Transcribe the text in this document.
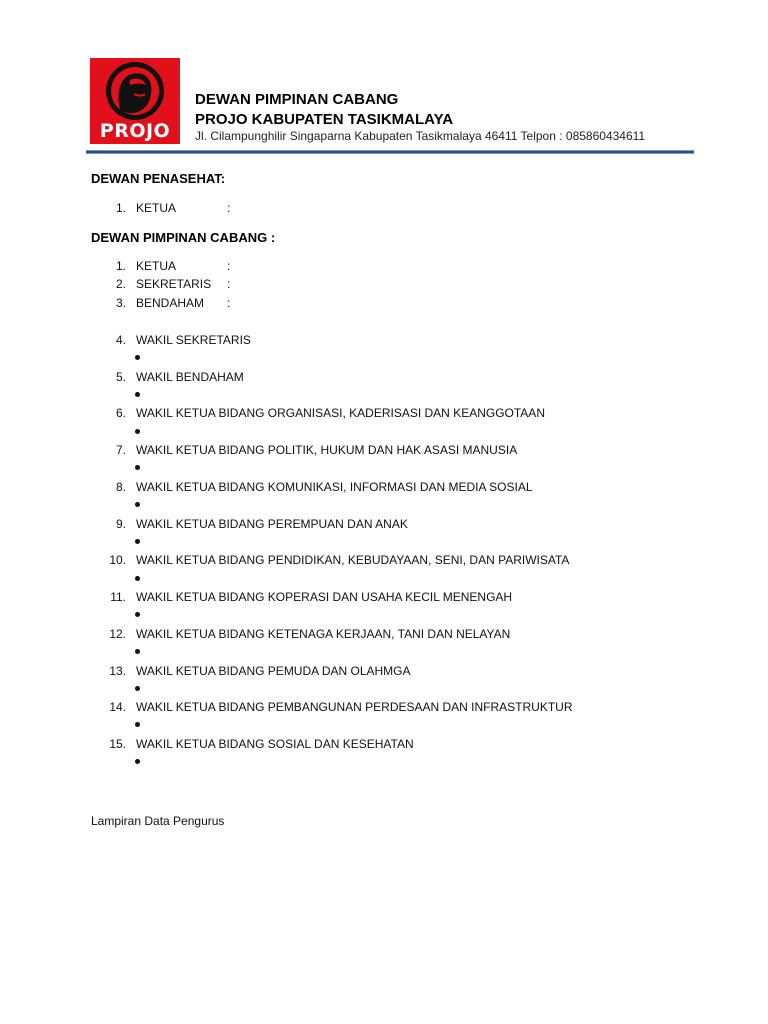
PROJO
DEWAN PIMPINAN CABANG
PROJO KABUPATEN TASIKMALAYA
Jl. Cilampunghilir Singaparna Kabupaten Tasikmalaya 46411 Telpon : 085860434611
DEWAN PENASEHAT:
1. KETUA	:
DEWAN PIMPINAN CABANG :
1. KETUA	:
2. SEKRETARIS :
3. BENDAHAM :
4. WAKIL SEKRETARIS
5. WAKIL BENDAHAM
6. WAKIL KETUA BIDANG ORGANISASI, KADERISASI DAN KEANGGOTAAN
7. WAKIL KETUA BIDANG POLITIK, HUKUM DAN HAK ASASI MANUSIA
8. WAKIL KETUA BIDANG KOMUNIKASI, INFORMASI DAN MEDIA SOSIAL
9. WAKIL KETUA BIDANG PEREMPUAN DAN ANAK
10. WAKIL KETUA BIDANG PENDIDIKAN, KEBUDAYAAN, SENI, DAN PARIWISATA
11. WAKIL KETUA BIDANG KOPERASI DAN USAHA KECIL MENENGAH
12. WAKIL KETUA BIDANG KETENAGA KERJAAN, TANI DAN NELAYAN
13. WAKIL KETUA BIDANG PEMUDA DAN OLAHMGA
14. WAKIL KETUA BIDANG PEMBANGUNAN PERDESAAN DAN INFRASTRUKTUR
15. WAKIL KETUA BIDANG SOSIAL DAN KESEHATAN
Lampiran Data Pengurus
